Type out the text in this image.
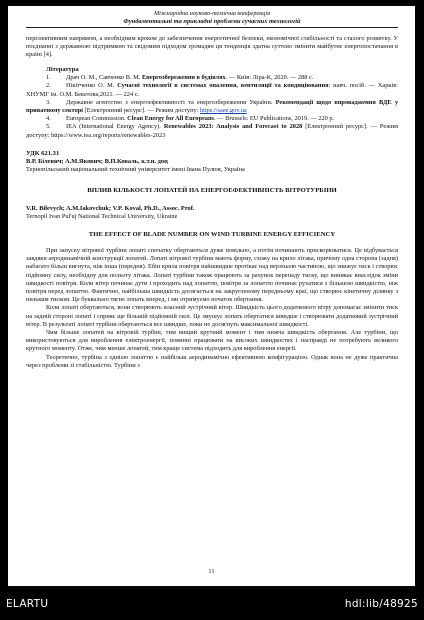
Міжнародна науково-технічна конференція
Фундаментальні та прикладні проблеми сучасних технологій

перспективним напрямом, а необхідним кроком до забезпечення енергетичної безпеки, економічної стабільності та сталого розвитку. У поєднанні з державною підтримкою та свідомим підходом громадян ця тенденція здатна суттєво змінити майбутнє енергопостачання в країні [4].

Література

1. Драч О. М., Савченко В. М. Енергозбереження в будівлях. — Київ: Ліра-К, 2020. — 288 с.

2. Нікітченко О. М. Сучасні технології в системах опалення, вентиляції та кондиціювання: навч. посіб. — Харків: ХНУМГ ім. О.М. Бекетова,2021. — 224 с.

3. Державне агентство з енергоефективності та енергозбереження України. Рекомендації щодо впровадження ВДЕ у приватному секторі [Електронний ресурс]. — Режим доступу: https://saee.gov.ua

4. European Commission. Clean Energy for All Europeans. — Brussels: EU Publications, 2019. — 220 p.

5. IEA (International Energy Agency). Renewables 2023: Analysis and Forecast to 2028 [Електронний ресурс]. — Режим доступу: https://www.iea.org/reports/renewables-2023

УДК 621.31
В.Р. Білевич; А.М.Якович; В.П.Коваль, к.т.н. доц
Тернопільський національний технічний університет імені Івана Пулюя, Україна
ВПЛИВ КІЛЬКОСТІ ЛОПАТЕЙ НА ЕНЕРГОЕФЕКТИВНІСТЬ ВІТРОТУРБІНИ
V.R. Bilevych; A.M.Iakovchuk; V.P. Koval, Ph.D., Assoc. Prof.
Ternopil Ivan Pul'uj National Technical University, Ukraine
THE EFFECT OF BLADE NUMBER ON WIND TURBINE ENERGY EFFICIENCY

При запуску вітрової турбіни лопаті спочатку обертаються дуже повільно, а потім починають прискорюватися. Це відбувається завдяки аеродинамічній конструкції лопатей. Лопаті вітрової турбіни мають форму, схожу на крило літака, причому одна сторона (задня) набагато більш вигнута, ніж інша (передня). Ебін крила повітря найшвидше протікає над верхньою частиною, що знижує тиск і створює підйомну силу, необхідну для польоту літака. Лопаті турбіни також працюють за рахунок перепаду тиску, що виникає внаслідок зміни швидкості повітря. Коли вітер починає дути і проходить над лопаттю, повітря за лопаттю починає рухатися з більшою швидкістю, ніж повітря перед лопаттю. Фактично, найбільша швидкість досягається на закругленому передньому краї, що створює кінетичну ділянку з низьким тиском. Це буквально тягне лопать вперед, і ми отримуємо початок обертання.

Коли лопаті обертаються, вони створюють власний зустрічний вітер. Швидкість цього додаткового вітру допомагає змінити тиск на задній стороні лопаті і сприяє ще більшій підйомній силі. Це змушує лопать обертатися швидше і створювати додатковий зустрічний вітер. В результаті лопаті турбіни обертаються все швидше, поки не досягнуть максимальної швидкості.

Чим більше лопатей на вітровій турбіні, тим вищий крутний момент і тим нижча швидкість обертання. Але турбіни, що використовуються для вироблення електроенергії, повинні працювати на високих швидкостях і насправді не потребують великого крутного моменту. Отже, чим менше лопатей, тим краще система підходить для вироблення енергії.

Теоретично, турбіна з однією лопаттю є найбільш аеродинамічно ефективною конфігурацією. Однак вона не дуже практична через проблеми зі стабільністю. Турбіни з

11
ELARTU	hdl:lib/48925
